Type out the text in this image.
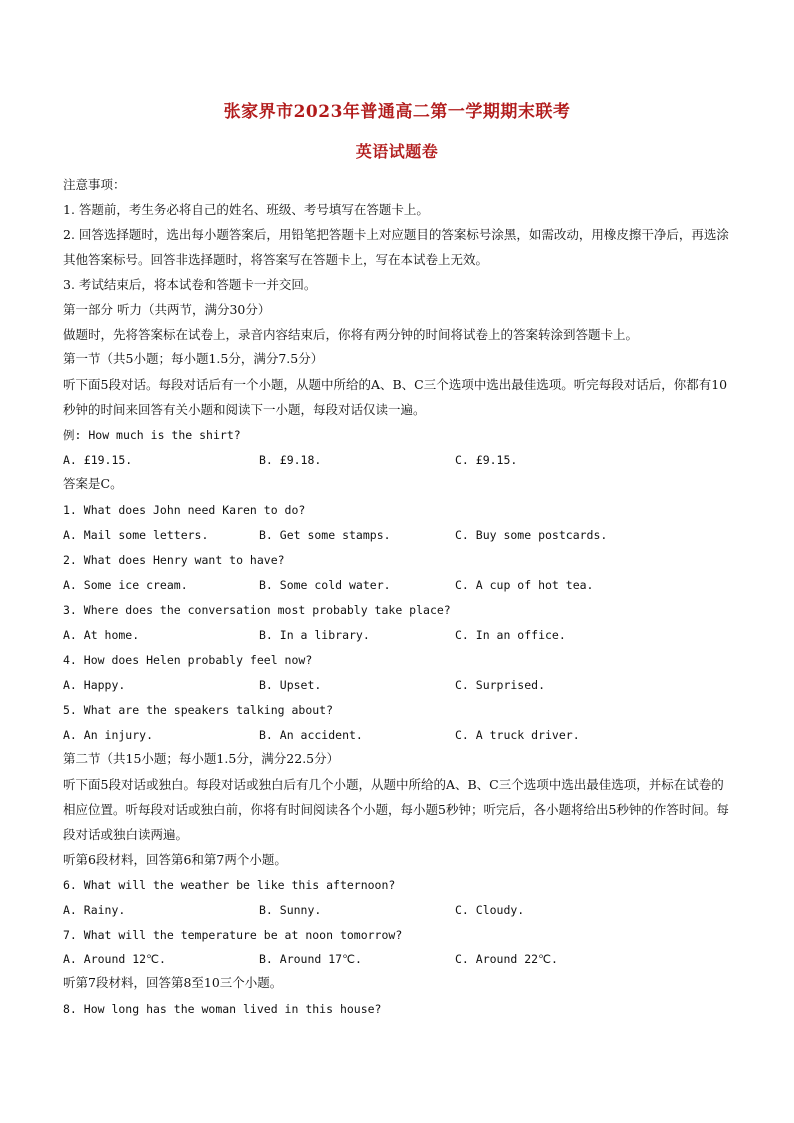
张家界市2023年普通高二第一学期期末联考
英语试题卷
注意事项：
1. 答题前，考生务必将自己的姓名、班级、考号填写在答题卡上。
2. 回答选择题时，选出每小题答案后，用铅笔把答题卡上对应题目的答案标号涂黑，如需改动，用橡皮擦干净后，再选涂其他答案标号。回答非选择题时，将答案写在答题卡上，写在本试卷上无效。
3. 考试结束后，将本试卷和答题卡一并交回。
第一部分 听力（共两节，满分30分）
做题时，先将答案标在试卷上，录音内容结束后，你将有两分钟的时间将试卷上的答案转涂到答题卡上。
第一节（共5小题；每小题1.5分，满分7.5分）
听下面5段对话。每段对话后有一个小题，从题中所给的A、B、C三个选项中选出最佳选项。听完每段对话后，你都有10秒钟的时间来回答有关小题和阅读下一小题，每段对话仅读一遍。
例: How much is the shirt?
A. £19.15.	B. £9.18.	C. £9.15.
答案是C。
1. What does John need Karen to do?
A. Mail some letters.	B. Get some stamps.	C. Buy some postcards.
2. What does Henry want to have?
A. Some ice cream.	B. Some cold water.	C. A cup of hot tea.
3. Where does the conversation most probably take place?
A. At home.	B. In a library.	C. In an office.
4. How does Helen probably feel now?
A. Happy.	B. Upset.	C. Surprised.
5. What are the speakers talking about?
A. An injury.	B. An accident.	C. A truck driver.
第二节（共15小题；每小题1.5分，满分22.5分）
听下面5段对话或独白。每段对话或独白后有几个小题，从题中所给的A、B、C三个选项中选出最佳选项，并标在试卷的相应位置。听每段对话或独白前，你将有时间阅读各个小题，每小题5秒钟；听完后，各小题将给出5秒钟的作答时间。每段对话或独白读两遍。
听第6段材料，回答第6和第7两个小题。
6. What will the weather be like this afternoon?
A. Rainy.	B. Sunny.	C. Cloudy.
7. What will the temperature be at noon tomorrow?
A. Around 12℃.	B. Around 17℃.	C. Around 22℃.
听第7段材料，回答第8至10三个小题。
8. How long has the woman lived in this house?
